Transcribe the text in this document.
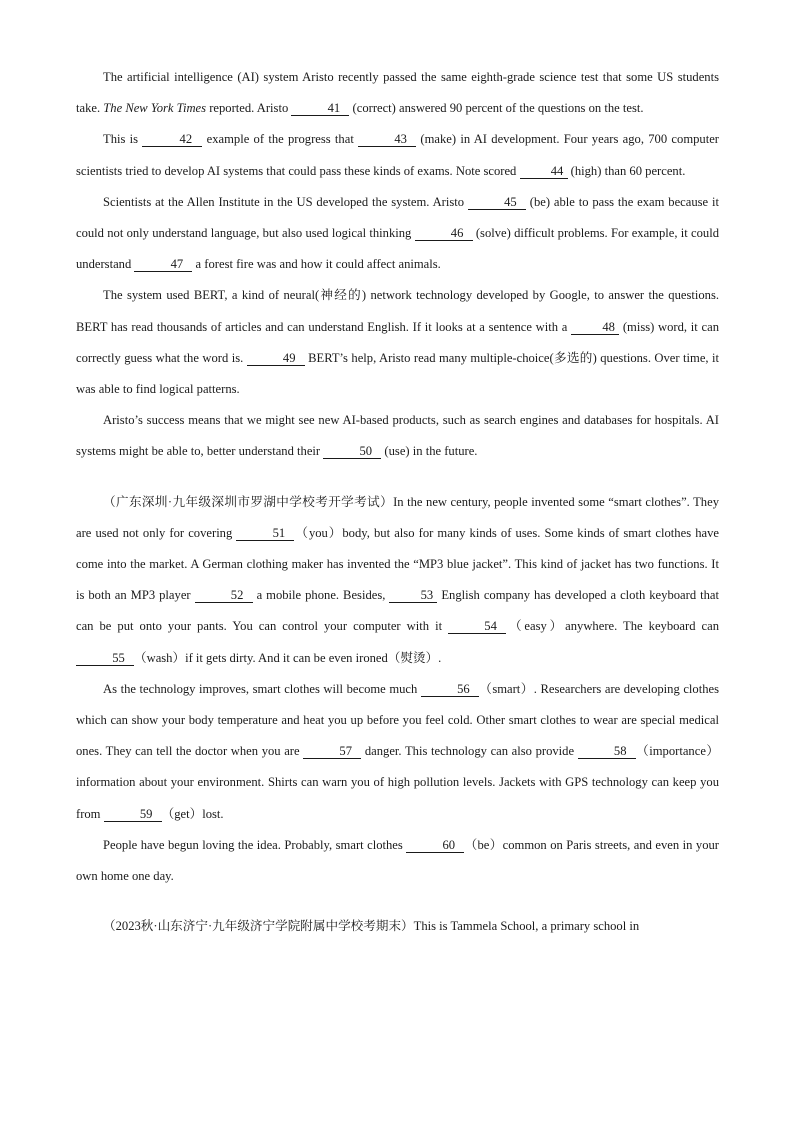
The artificial intelligence (AI) system Aristo recently passed the same eighth-grade science test that some US students take. The New York Times reported. Aristo	41 (correct) answered 90 percent of the questions on the test.

This is	42 example of the progress that	43 (make) in AI development. Four years ago, 700 computer scientists tried to develop AI systems that could pass these kinds of exams. Note scored 44 (high) than 60 percent.

Scientists at the Allen Institute in the US developed the system. Aristo	45 (be) able to pass the exam because it could not only understand language, but also used logical thinking	46 (solve) difficult problems. For example, it could understand	47 a forest fire was and how it could affect animals.

The system used BERT, a kind of neural(神经的) network technology developed by Google, to answer the questions. BERT has read thousands of articles and can understand English. If it looks at a sentence with a 48 (miss) word, it can correctly guess what the word is.	49 BERT’s help, Aristo read many multiple-choice(多选的) questions. Over time, it was able to find logical patterns.

Aristo’s success means that we might see new AI-based products, such as search engines and databases for hospitals. AI systems might be able to, better understand their	50 (use) in the future.

（广东深圳·九年级深圳市罗湖中学校考开学考试）In the new century, people invented some “smart clothes”. They are used not only for covering	51 （you）body, but also for many kinds of uses. Some kinds of smart clothes have come into the market. A German clothing maker has invented the “MP3 blue jacket”. This kind of jacket has two functions. It is both an MP3 player	52 a mobile phone. Besides, 53 English company has developed a cloth keyboard that can be put onto your pants. You can control your computer with it	54 （easy）anywhere. The keyboard can 55 （wash）if it gets dirty. And it can be even ironed（熨烫）.

As the technology improves, smart clothes will become much	56 （smart）. Researchers are developing clothes which can show your body temperature and heat you up before you feel cold. Other smart clothes to wear are special medical ones. They can tell the doctor when you are	57 danger. This technology can also provide	58 （importance）information about your environment. Shirts can warn you of high pollution levels. Jackets with GPS technology can keep you from	59 （get）lost.

People have begun loving the idea. Probably, smart clothes	60 （be）common on Paris streets, and even in your own home one day.

（2023秋·山东济宁·九年级济宁学院附属中学校考期末）This is Tammela School, a primary school in
